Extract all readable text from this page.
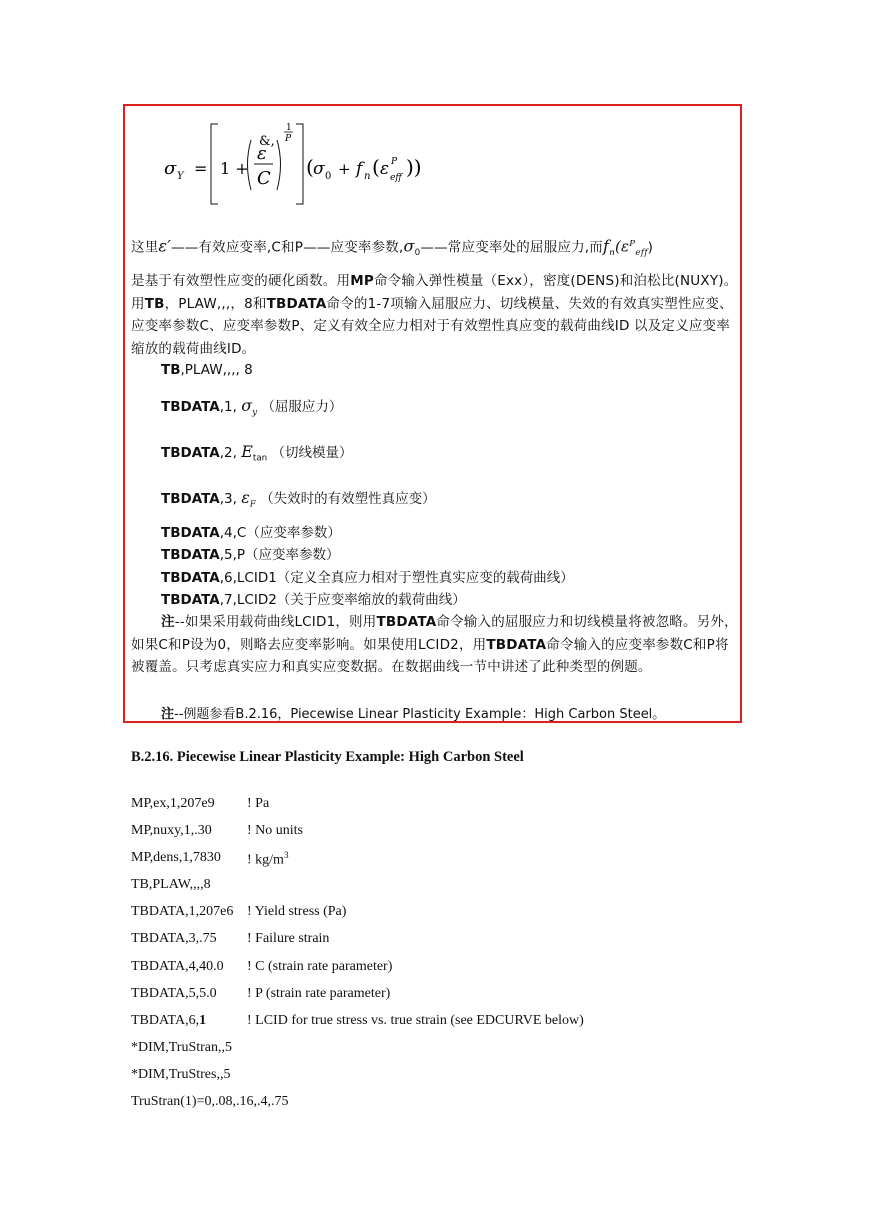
σ Y = 1 +
&,
ε
C
1
P
( σ 0 + f n ( ε P
eff ))
这里ε′——有效应变率,C和P——应变率参数$,\sigma_0——$常应变率处的屈服应力,而$f_n(\varepsilon^P_{eff})$
是基于有效塑性应变的硬化函数。用MP命令输入弹性模量（Exx），密度(DENS)和泊松比(NUXY)。用TB，PLAW,,,，8和TBDATA命令的1-7项输入屈服应力、切线模量、失效的有效真实塑性应变、应变率参数C、应变率参数P、定义有效全应力相对于有效塑性真应变的载荷曲线ID 以及定义应变率缩放的载荷曲线ID。
TB,PLAW,,,, 8
TBDATA,1, $\sigma_y$ （屈服应力）
TBDATA,2, $E_{tan}$ （切线模量）
TBDATA,3, $\varepsilon_F$ （失效时的有效塑性真应变）
TBDATA,4,C（应变率参数）
TBDATA,5,P（应变率参数）
TBDATA,6,LCID1（定义全真应力相对于塑性真实应变的载荷曲线）
TBDATA,7,LCID2（关于应变率缩放的载荷曲线）
注--如果采用载荷曲线LCID1，则用TBDATA命令输入的屈服应力和切线模量将被忽略。另外，如果C和P设为0，则略去应变率影响。如果使用LCID2，用TBDATA命令输入的应变率参数C和P将被覆盖。只考虑真实应力和真实应变数据。在数据曲线一节中讲述了此种类型的例题。
注--例题参看B.2.16，Piecewise Linear Plasticity Example：High Carbon Steel。
B.2.16. Piecewise Linear Plasticity Example: High Carbon Steel
MP,ex,1,207e9 ! Pa
MP,nuxy,1,.30	! No units
MP,dens,1,7830 ! $kg/m^3$
TB,PLAW,,,,8
TBDATA,1,207e6 ! Yield stress (Pa)
TBDATA,3,.75 ! Failure strain
TBDATA,4,40.0 ! C (strain rate parameter)
TBDATA,5,5.0 ! P (strain rate parameter)
TBDATA,6,1	! LCID for true stress vs. true strain (see EDCURVE below)
*DIM,TruStran,,5
*DIM,TruStres,,5
TruStran(1)=0,.08,.16,.4,.75
